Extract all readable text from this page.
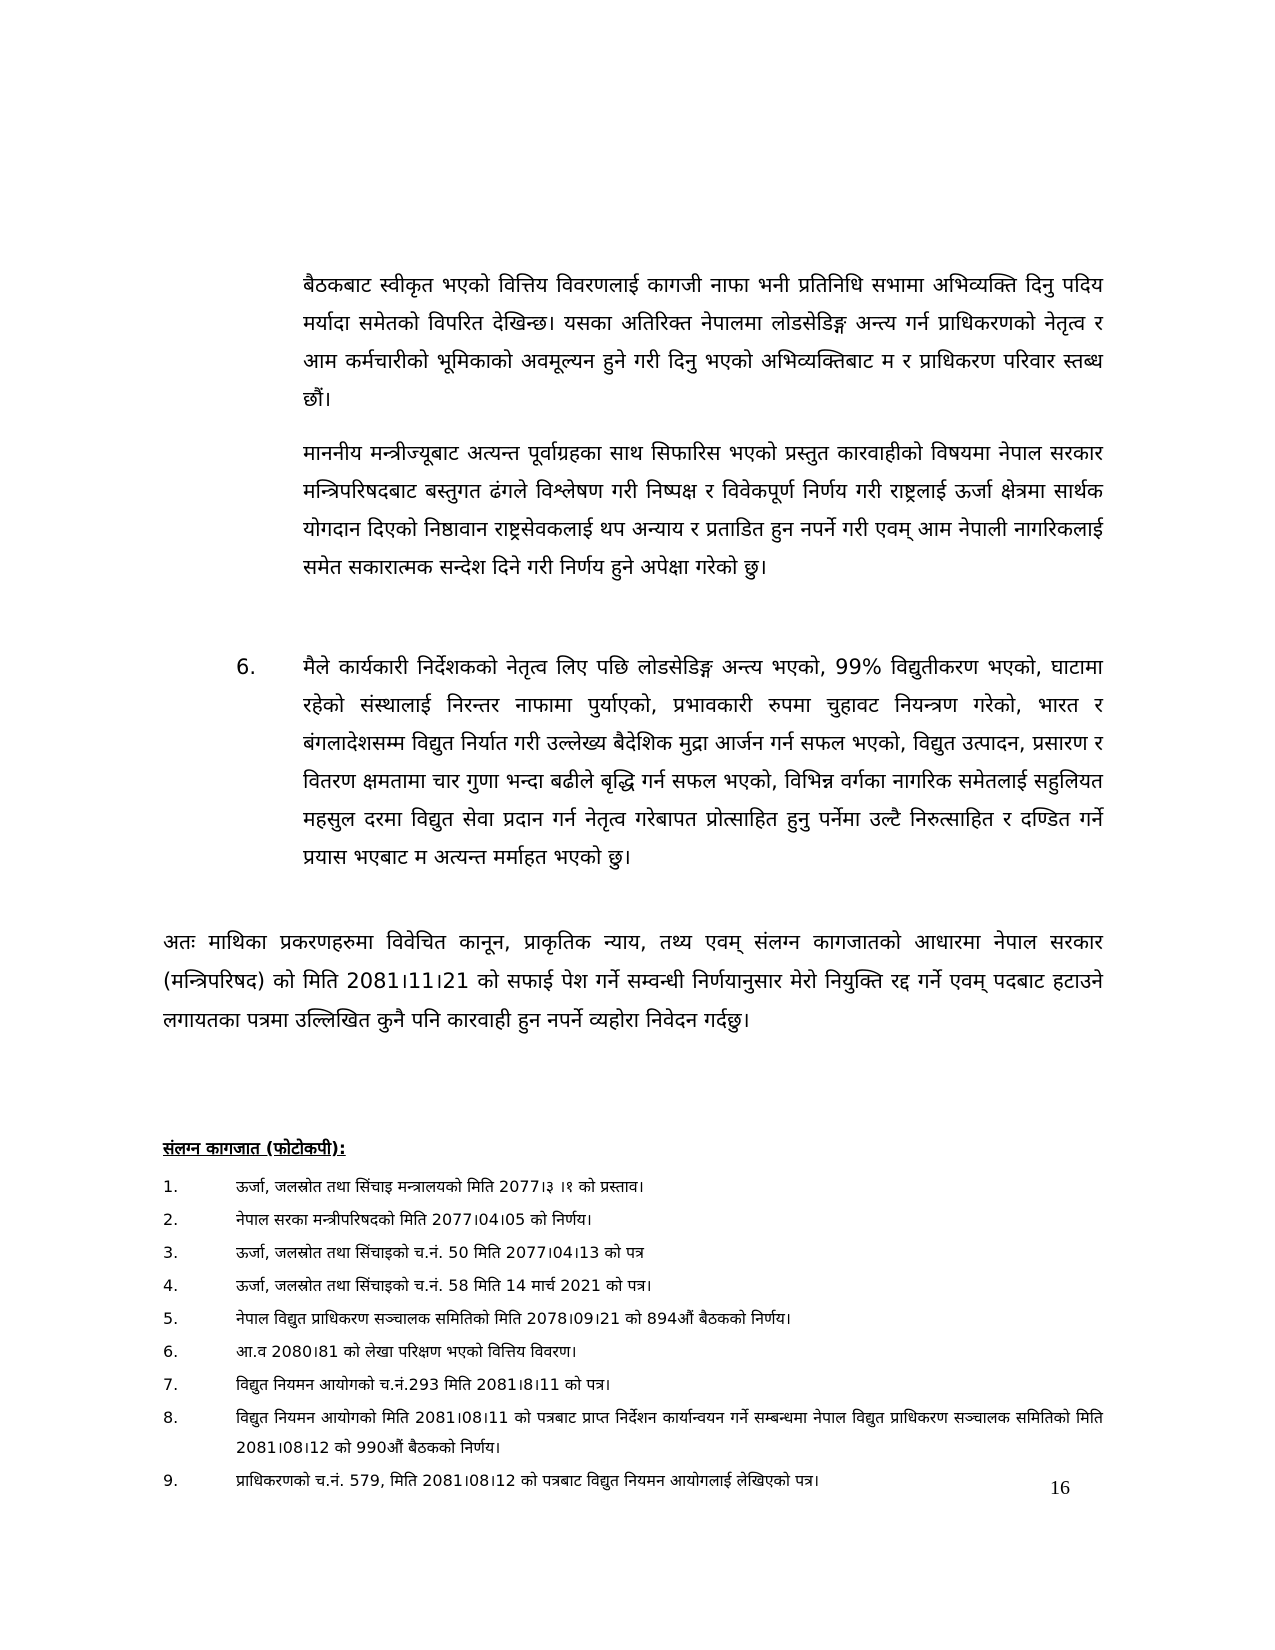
बैठकबाट स्वीकृत भएको वित्तिय विवरणलाई कागजी नाफा भनी प्रतिनिधि सभामा अभिव्यक्ति दिनु पदिय मर्यादा समेतको विपरित देखिन्छ। यसका अतिरिक्त नेपालमा लोडसेडिङ्ग अन्त्य गर्न प्राधिकरणको नेतृत्व र आम कर्मचारीको भूमिकाको अवमूल्यन हुने गरी दिनु भएको अभिव्यक्तिबाट म र प्राधिकरण परिवार स्तब्ध छौं।

माननीय मन्त्रीज्यूबाट अत्यन्त पूर्वाग्रहका साथ सिफारिस भएको प्रस्तुत कारवाहीको विषयमा नेपाल सरकार मन्त्रिपरिषदबाट बस्तुगत ढंगले विश्लेषण गरी निष्पक्ष र विवेकपूर्ण निर्णय गरी राष्ट्रलाई ऊर्जा क्षेत्रमा सार्थक योगदान दिएको निष्ठावान राष्ट्रसेवकलाई थप अन्याय र प्रताडित हुन नपर्ने गरी एवम् आम नेपाली नागरिकलाई समेत सकारात्मक सन्देश दिने गरी निर्णय हुने अपेक्षा गरेको छु।

6. मैले कार्यकारी निर्देशकको नेतृत्व लिए पछि लोडसेडिङ्ग अन्त्य भएको, 99% विद्युतीकरण भएको, घाटामा रहेको संस्थालाई निरन्तर नाफामा पुर्याएको, प्रभावकारी रुपमा चुहावट नियन्त्रण गरेको, भारत र बंगलादेशसम्म विद्युत निर्यात गरी उल्लेख्य बैदेशिक मुद्रा आर्जन गर्न सफल भएको, विद्युत उत्पादन, प्रसारण र वितरण क्षमतामा चार गुणा भन्दा बढीले बृद्धि गर्न सफल भएको, विभिन्न वर्गका नागरिक समेतलाई सहुलियत महसुल दरमा विद्युत सेवा प्रदान गर्न नेतृत्व गरेबापत प्रोत्साहित हुनु पर्नेमा उल्टै निरुत्साहित र दण्डित गर्ने प्रयास भएबाट म अत्यन्त मर्माहत भएको छु।

अतः माथिका प्रकरणहरुमा विवेचित कानून, प्राकृतिक न्याय, तथ्य एवम् संलग्न कागजातको आधारमा नेपाल सरकार (मन्त्रिपरिषद) को मिति 2081।11।21 को सफाई पेश गर्ने सम्वन्धी निर्णयानुसार मेरो नियुक्ति रद्द गर्ने एवम् पदबाट हटाउने लगायतका पत्रमा उल्लिखित कुनै पनि कारवाही हुन नपर्ने व्यहोरा निवेदन गर्दछु।

संलग्न कागजात (फोटोकपी):

1.	ऊर्जा, जलस्रोत तथा सिंचाइ मन्त्रालयको मिति 2077।३ ।१ को प्रस्ताव।
2.	नेपाल सरका मन्त्रीपरिषदको मिति 2077।04।05 को निर्णय।
3.	ऊर्जा, जलस्रोत तथा सिंचाइको च.नं. 50 मिति 2077।04।13 को पत्र
4.	ऊर्जा, जलस्रोत तथा सिंचाइको च.नं. 58 मिति 14 मार्च 2021 को पत्र।
5.	नेपाल विद्युत प्राधिकरण सञ्चालक समितिको मिति 2078।09।21 को 894औं बैठकको निर्णय।
6.	आ.व 2080।81 को लेखा परिक्षण भएको वित्तिय विवरण।
7.	विद्युत नियमन आयोगको च.नं.293 मिति 2081।8।11 को पत्र।
8.	विद्युत नियमन आयोगको मिति 2081।08।11 को पत्रबाट प्राप्त निर्देशन कार्यान्वयन गर्ने सम्बन्धमा नेपाल विद्युत प्राधिकरण सञ्चालक समितिको मिति 2081।08।12 को 990औं बैठकको निर्णय।
9.	प्राधिकरणको च.नं. 579, मिति 2081।08।12 को पत्रबाट विद्युत नियमन आयोगलाई लेखिएको पत्र।	16
